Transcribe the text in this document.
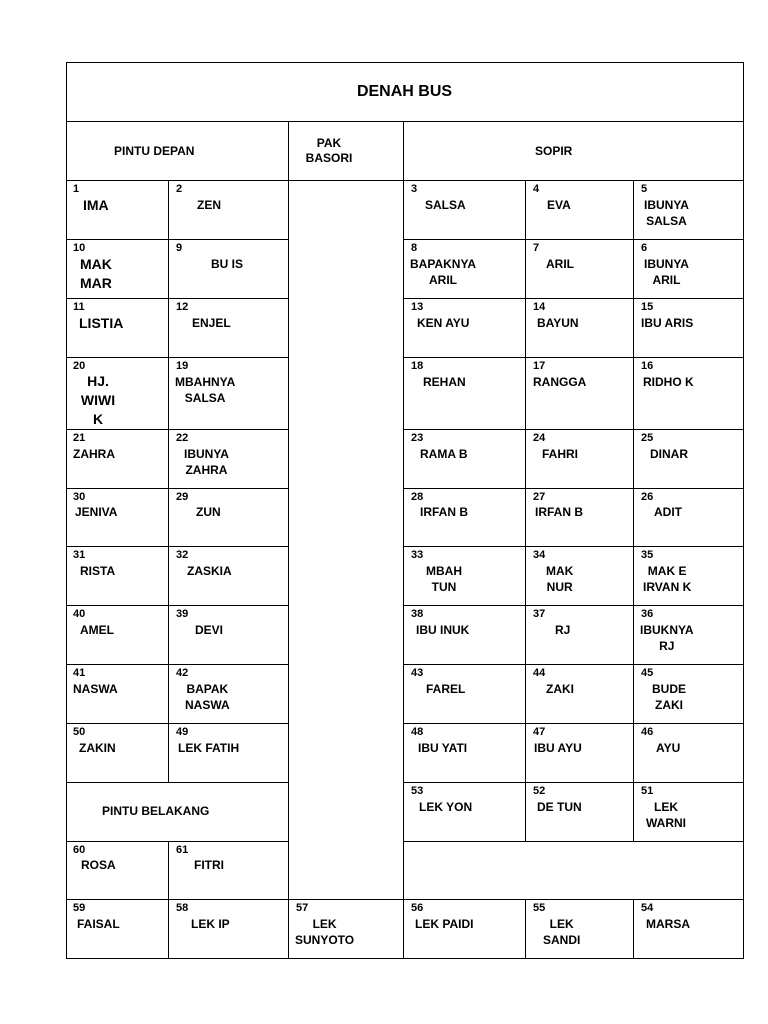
DENAH BUS
PINTU DEPAN
PAK
BASORI	SOPIR
PINTU BELAKANG
1
IMA
2
ZEN
3
SALSA
4
EVA
5
IBUNYA
SALSA
10
MAK
MAR
9
BU IS
8
BAPAKNYA
ARIL
7
ARIL
6
IBUNYA
ARIL
11
LISTIA
12
ENJEL
13
KEN AYU
14
BAYUN
15
IBU ARIS
20
HJ.
WIWI
K
19
MBAHNYA
SALSA
18
REHAN
17
RANGGA
16
RIDHO K
21
ZAHRA
22
IBUNYA
ZAHRA
23
RAMA B
24
FAHRI
25
DINAR
30
JENIVA
29
ZUN
28
IRFAN B
27
IRFAN B
26
ADIT
31
RISTA
32
ZASKIA
33
MBAH
TUN
34
MAK
NUR
35
MAK E
IRVAN K
40
AMEL
39
DEVI
38
IBU INUK
37
RJ
36
IBUKNYA
RJ
41
NASWA
42
BAPAK
NASWA
43
FAREL
44
ZAKI
45
BUDE
ZAKI
50
ZAKIN
49
LEK FATIH
48
IBU YATI
47
IBU AYU
46
AYU
53
LEK YON
52
DE TUN
51
LEK
WARNI
60
ROSA
61
FITRI
59
FAISAL
58
LEK IP
57
LEK
SUNYOTO
56
LEK PAIDI
55
LEK
SANDI
54
MARSA
